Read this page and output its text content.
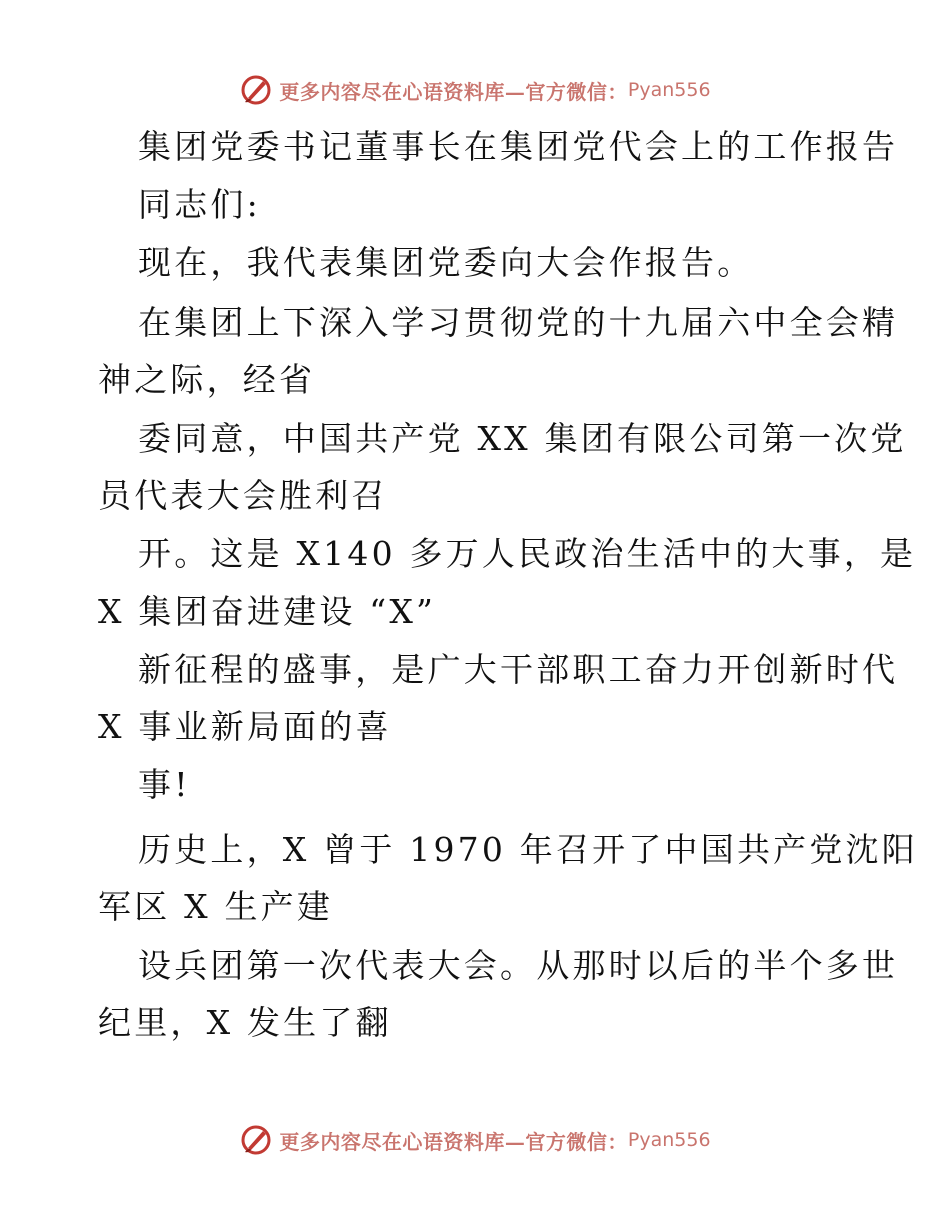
更多内容尽在心语资料库—官方微信： Pyan556
集团党委书记董事长在集团党代会上的工作报告
同志们:
现在，我代表集团党委向大会作报告。
在集团上下深入学习贯彻党的十九届六中全会精
神之际，经省
委同意，中国共产党 XX 集团有限公司第一次党
员代表大会胜利召
开。这是 X140 多万人民政治生活中的大事，是
X 集团奋进建设 “X”
新征程的盛事，是广大干部职工奋力开创新时代
X 事业新局面的喜
事!
历史上，X 曾于 1970 年召开了中国共产党沈阳
军区 X 生产建
设兵团第一次代表大会。从那时以后的半个多世
纪里，X 发生了翻
更多内容尽在心语资料库—官方微信： Pyan556
